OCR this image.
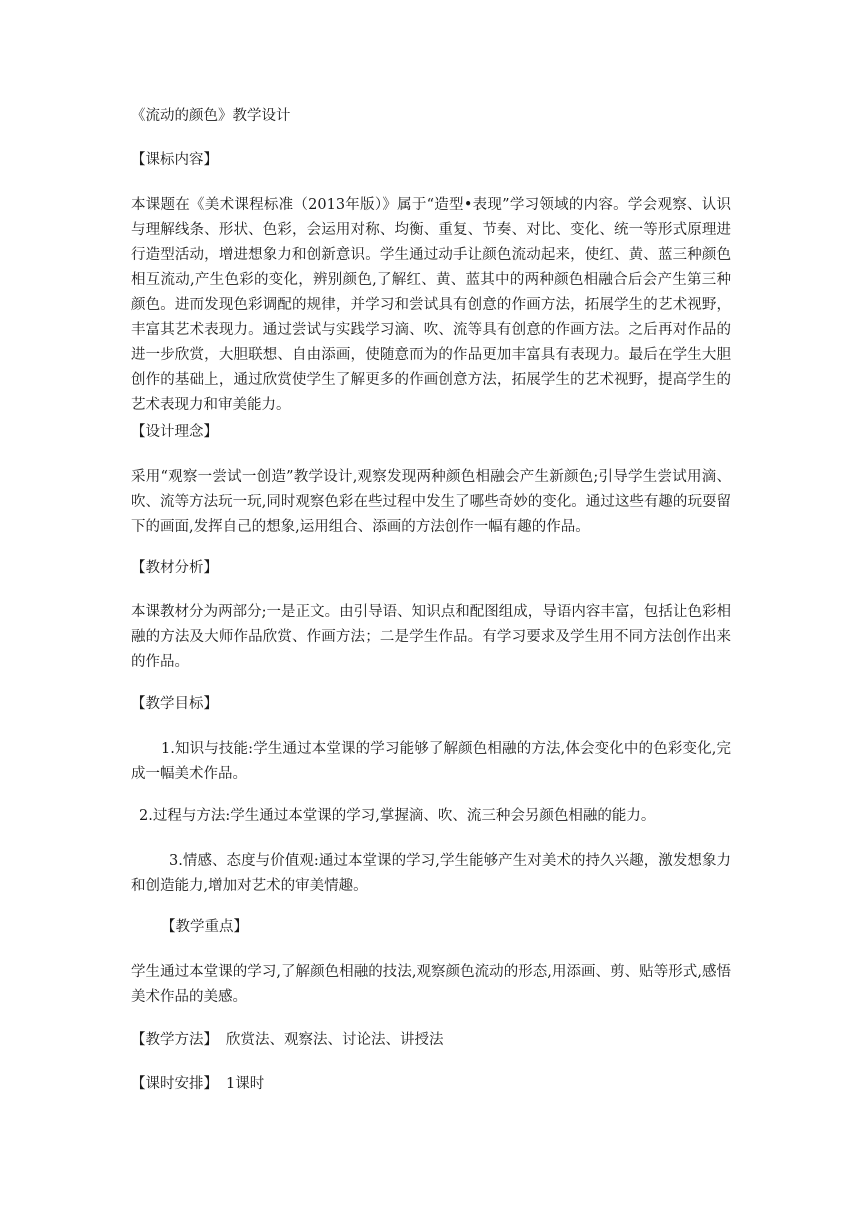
《流动的颜色》教学设计
【课标内容】
本课题在《美术课程标准（2013年版）》属于“造型•表现”学习领域的内容。学会观察、认识与理解线条、形状、色彩，会运用对称、均衡、重复、节奏、对比、变化、统一等形式原理进行造型活动，增进想象力和创新意识。学生通过动手让颜色流动起来，使红、黄、蓝三种颜色相互流动,产生色彩的变化，辨别颜色,了解红、黄、蓝其中的两种颜色相融合后会产生第三种颜色。进而发现色彩调配的规律，并学习和尝试具有创意的作画方法，拓展学生的艺术视野，丰富其艺术表现力。通过尝试与实践学习滴、吹、流等具有创意的作画方法。之后再对作品的进一步欣赏，大胆联想、自由添画，使随意而为的作品更加丰富具有表现力。最后在学生大胆创作的基础上，通过欣赏使学生了解更多的作画创意方法，拓展学生的艺术视野，提高学生的艺术表现力和审美能力。
【设计理念】
采用“观察一尝试一创造”教学设计,观察发现两种颜色相融会产生新颜色;引导学生尝试用滴、吹、流等方法玩一玩,同时观察色彩在些过程中发生了哪些奇妙的变化。通过这些有趣的玩耍留下的画面,发挥自己的想象,运用组合、添画的方法创作一幅有趣的作品。
【教材分析】
本课教材分为两部分;一是正文。由引导语、知识点和配图组成，导语内容丰富，包括让色彩相融的方法及大师作品欣赏、作画方法；二是学生作品。有学习要求及学生用不同方法创作出来的作品。
【教学目标】
1.知识与技能:学生通过本堂课的学习能够了解颜色相融的方法,体会变化中的色彩变化,完成一幅美术作品。
2.过程与方法:学生通过本堂课的学习,掌握滴、吹、流三种会另颜色相融的能力。
3.情感、态度与价值观:通过本堂课的学习,学生能够产生对美术的持久兴趣，激发想象力和创造能力,增加对艺术的审美情趣。
【教学重点】
学生通过本堂课的学习,了解颜色相融的技法,观察颜色流动的形态,用添画、剪、贴等形式,感悟美术作品的美感。
【教学方法】 欣赏法、观察法、讨论法、讲授法
【课时安排】 1课时
